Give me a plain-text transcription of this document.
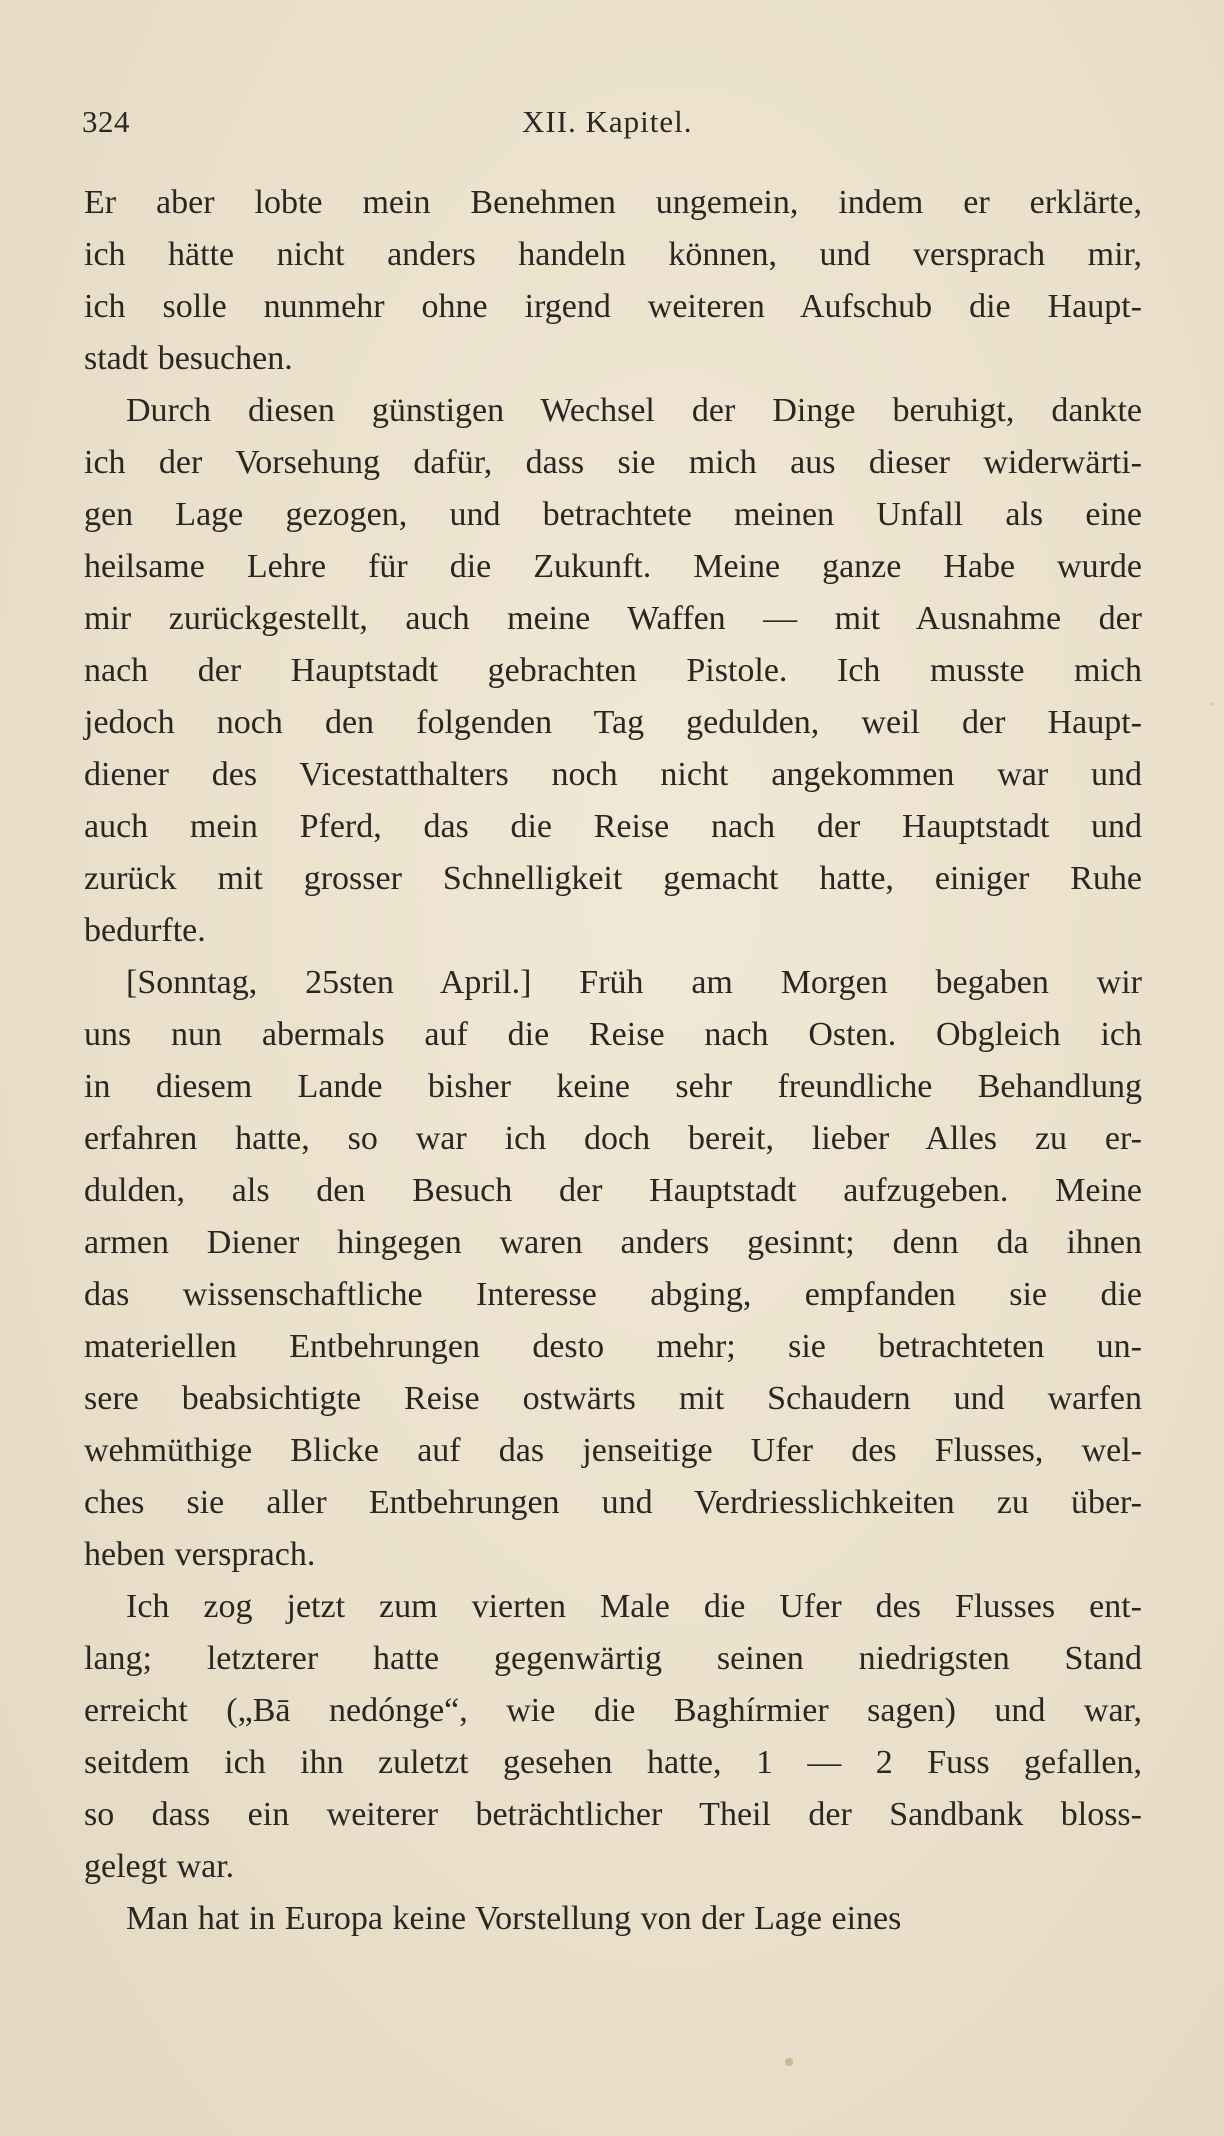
324	XII. Kapitel.
Er aber lobte mein Benehmen ungemein, indem er erklärte,
ich hätte nicht anders handeln können, und versprach mir,
ich solle nunmehr ohne irgend weiteren Aufschub die Haupt-
stadt besuchen.
Durch diesen günstigen Wechsel der Dinge beruhigt, dankte
ich der Vorsehung dafür, dass sie mich aus dieser widerwärti-
gen Lage gezogen, und betrachtete meinen Unfall als eine
heilsame Lehre für die Zukunft. Meine ganze Habe wurde
mir zurückgestellt, auch meine Waffen — mit Ausnahme der
nach der Hauptstadt gebrachten Pistole. Ich musste mich
jedoch noch den folgenden Tag gedulden, weil der Haupt-
diener des Vicestatthalters noch nicht angekommen war und
auch mein Pferd, das die Reise nach der Hauptstadt und
zurück mit grosser Schnelligkeit gemacht hatte, einiger Ruhe
bedurfte.
[Sonntag, 25sten April.] Früh am Morgen begaben wir
uns nun abermals auf die Reise nach Osten. Obgleich ich
in diesem Lande bisher keine sehr freundliche Behandlung
erfahren hatte, so war ich doch bereit, lieber Alles zu er-
dulden, als den Besuch der Hauptstadt aufzugeben. Meine
armen Diener hingegen waren anders gesinnt; denn da ihnen
das wissenschaftliche Interesse abging, empfanden sie die
materiellen Entbehrungen desto mehr; sie betrachteten un-
sere beabsichtigte Reise ostwärts mit Schaudern und warfen
wehmüthige Blicke auf das jenseitige Ufer des Flusses, wel-
ches sie aller Entbehrungen und Verdriesslichkeiten zu über-
heben versprach.
Ich zog jetzt zum vierten Male die Ufer des Flusses ent-
lang; letzterer hatte gegenwärtig seinen niedrigsten Stand
erreicht („Bā nedónge“, wie die Baghírmier sagen) und war,
seitdem ich ihn zuletzt gesehen hatte, 1 — 2 Fuss gefallen,
so dass ein weiterer beträchtlicher Theil der Sandbank bloss-
gelegt war.
Man hat in Europa keine Vorstellung von der Lage eines
